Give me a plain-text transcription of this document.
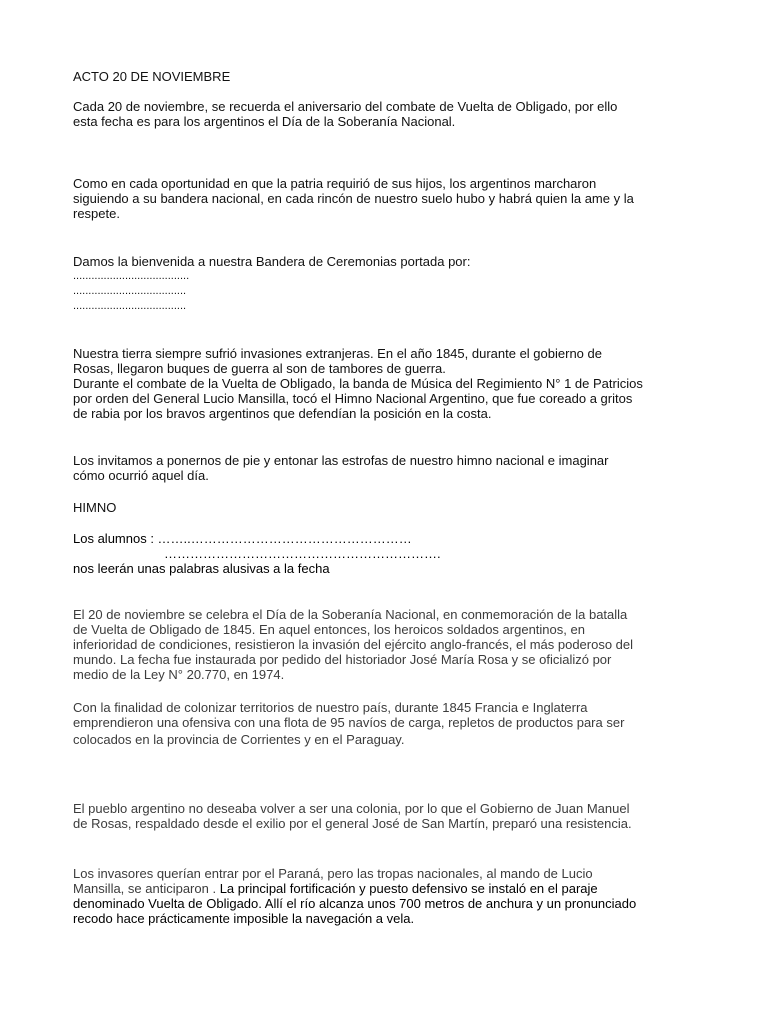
ACTO 20 DE NOVIEMBRE
Cada 20 de noviembre, se recuerda el aniversario del combate de Vuelta de Obligado, por ello
esta fecha es para los argentinos el Día de la Soberanía Nacional.
Como en cada oportunidad en que la patria requirió de sus hijos, los argentinos marcharon
siguiendo a su bandera nacional, en cada rincón de nuestro suelo hubo y habrá quien la ame y la
respete.
Damos la bienvenida a nuestra Bandera de Ceremonias portada por:
......................................
.....................................
.....................................
Nuestra tierra siempre sufrió invasiones extranjeras. En el año 1845, durante el gobierno de
Rosas, llegaron buques de guerra al son de tambores de guerra.
Durante el combate de la Vuelta de Obligado, la banda de Música del Regimiento N° 1 de Patricios
por orden del General Lucio Mansilla, tocó el Himno Nacional Argentino, que fue coreado a gritos
de rabia por los bravos argentinos que defendían la posición en la costa.
Los invitamos a ponernos de pie y entonar las estrofas de nuestro himno nacional e imaginar
cómo ocurrió aquel día.
HIMNO
Los alumnos : ……..……………………………………………
……………………………………………………….
nos leerán unas palabras alusivas a la fecha
El 20 de noviembre se celebra el Día de la Soberanía Nacional, en conmemoración de la batalla
de Vuelta de Obligado de 1845. En aquel entonces, los heroicos soldados argentinos, en
inferioridad de condiciones, resistieron la invasión del ejército anglo-francés, el más poderoso del
mundo. La fecha fue instaurada por pedido del historiador José María Rosa y se oficializó por
medio de la Ley N° 20.770, en 1974.
Con la finalidad de colonizar territorios de nuestro país, durante 1845 Francia e Inglaterra
emprendieron una ofensiva con una flota de 95 navíos de carga, repletos de productos para ser
colocados en la provincia de Corrientes y en el Paraguay.
El pueblo argentino no deseaba volver a ser una colonia, por lo que el Gobierno de Juan Manuel
de Rosas, respaldado desde el exilio por el general José de San Martín, preparó una resistencia.
Los invasores querían entrar por el Paraná, pero las tropas nacionales, al mando de Lucio
Mansilla, se anticiparon . La principal fortificación y puesto defensivo se instaló en el paraje
denominado Vuelta de Obligado. Allí el río alcanza unos 700 metros de anchura y un pronunciado
recodo hace prácticamente imposible la navegación a vela.
